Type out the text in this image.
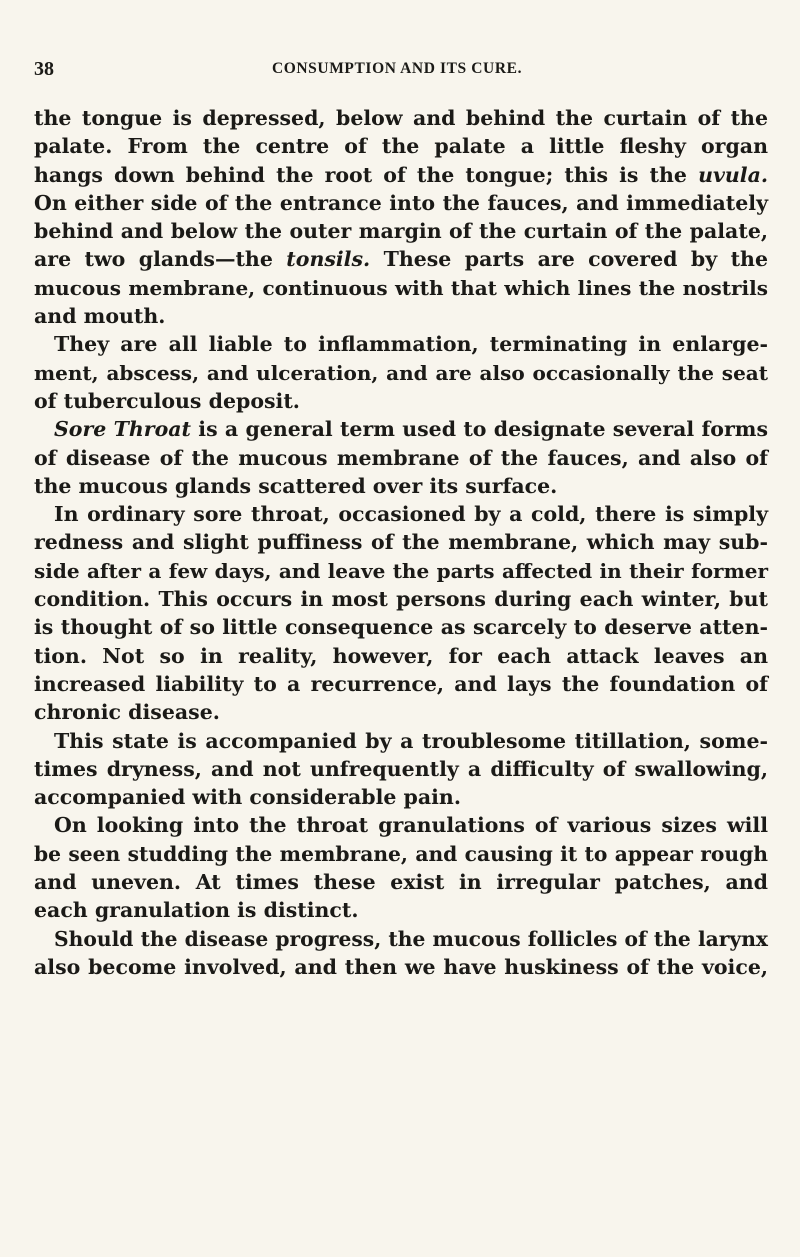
38	CONSUMPTION AND ITS CURE.
the tongue is depressed, below and behind the curtain of the
palate. From the centre of the palate a little fleshy organ
hangs down behind the root of the tongue; this is the uvula.
On either side of the entrance into the fauces, and immediately
behind and below the outer margin of the curtain of the palate,
are two glands—the tonsils. These parts are covered by the
mucous membrane, continuous with that which lines the nostrils
and mouth.
They are all liable to inflammation, terminating in enlarge-
ment, abscess, and ulceration, and are also occasionally the seat
of tuberculous deposit.
Sore Throat is a general term used to designate several forms
of disease of the mucous membrane of the fauces, and also of
the mucous glands scattered over its surface.
In ordinary sore throat, occasioned by a cold, there is simply
redness and slight puffiness of the membrane, which may sub-
side after a few days, and leave the parts affected in their former
condition. This occurs in most persons during each winter, but
is thought of so little consequence as scarcely to deserve atten-
tion. Not so in reality, however, for each attack leaves an
increased liability to a recurrence, and lays the foundation of
chronic disease.
This state is accompanied by a troublesome titillation, some-
times dryness, and not unfrequently a difficulty of swallowing,
accompanied with considerable pain.
On looking into the throat granulations of various sizes will
be seen studding the membrane, and causing it to appear rough
and uneven. At times these exist in irregular patches, and
each granulation is distinct.
Should the disease progress, the mucous follicles of the larynx
also become involved, and then we have huskiness of the voice,
